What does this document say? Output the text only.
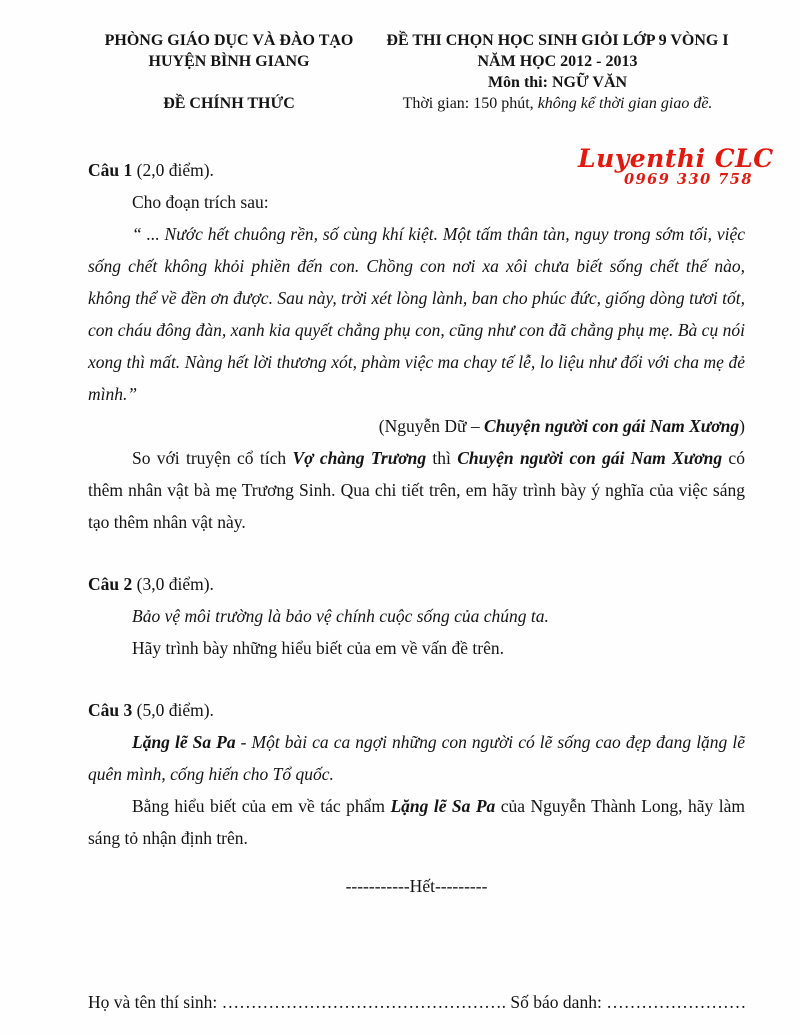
PHÒNG GIÁO DỤC VÀ ĐÀO TẠO
HUYỆN BÌNH GIANG
ĐỀ CHÍNH THỨC
ĐỀ THI CHỌN HỌC SINH GIỎI LỚP 9 VÒNG I
NĂM HỌC 2012 - 2013
Môn thi: NGỮ VĂN
Thời gian: 150 phút, không kể thời gian giao đề.
Luyenthi CLC
0969 330 758

Câu 1 (2,0 điểm).

Cho đoạn trích sau:

“ ... Nước hết chuông rền, số cùng khí kiệt. Một tấm thân tàn, nguy trong sớm tối, việc sống chết không khỏi phiền đến con. Chồng con nơi xa xôi chưa biết sống chết thế nào, không thể về đền ơn được. Sau này, trời xét lòng lành, ban cho phúc đức, giống dòng tươi tốt, con cháu đông đàn, xanh kia quyết chẳng phụ con, cũng như con đã chẳng phụ mẹ. Bà cụ nói xong thì mất. Nàng hết lời thương xót, phàm việc ma chay tế lễ, lo liệu như đối với cha mẹ đẻ mình.”

(Nguyễn Dữ – Chuyện người con gái Nam Xương)

So với truyện cổ tích Vợ chàng Trương thì Chuyện người con gái Nam Xương có thêm nhân vật bà mẹ Trương Sinh. Qua chi tiết trên, em hãy trình bày ý nghĩa của việc sáng tạo thêm nhân vật này.

Câu 2 (3,0 điểm).

Bảo vệ môi trường là bảo vệ chính cuộc sống của chúng ta.

Hãy trình bày những hiểu biết của em về vấn đề trên.

Câu 3 (5,0 điểm).

Lặng lẽ Sa Pa - Một bài ca ca ngợi những con người có lẽ sống cao đẹp đang lặng lẽ quên mình, cống hiến cho Tổ quốc.

Bằng hiểu biết của em về tác phẩm Lặng lẽ Sa Pa của Nguyễn Thành Long, hãy làm sáng tỏ nhận định trên.

-----------Hết---------

Họ và tên thí sinh: …………………………………………. Số báo danh: ……………………
